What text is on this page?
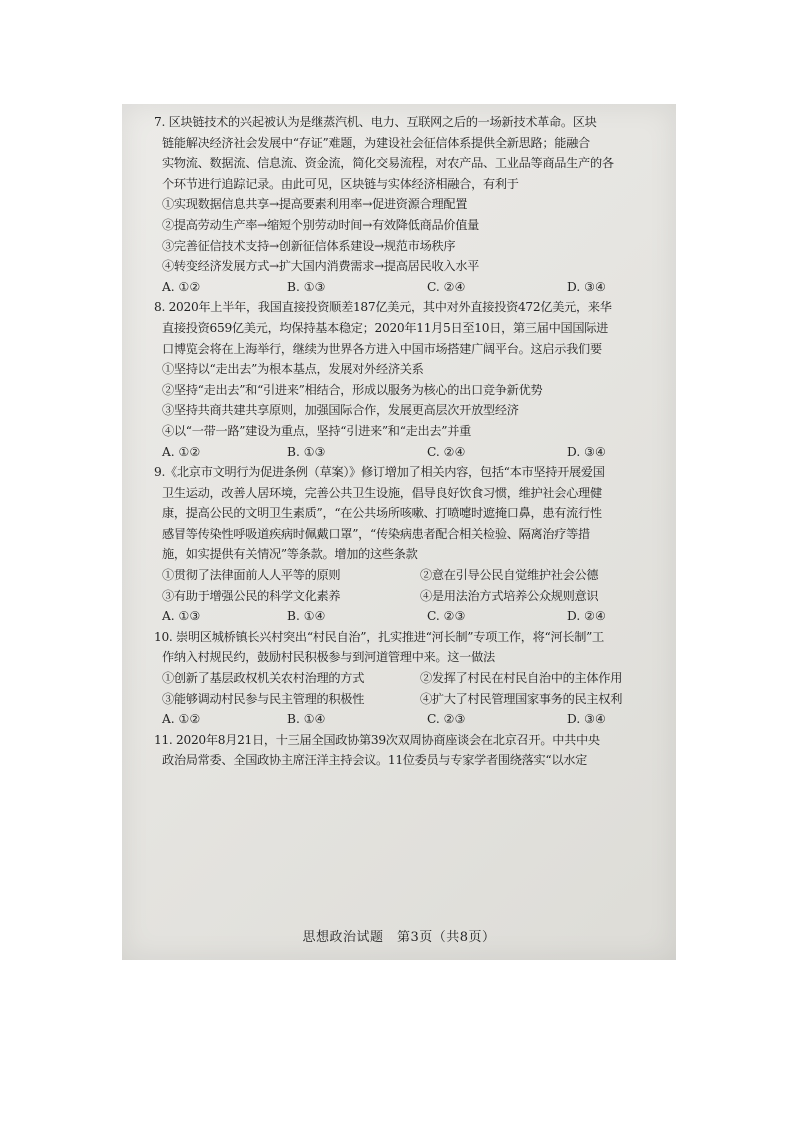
7. 区块链技术的兴起被认为是继蒸汽机、电力、互联网之后的一场新技术革命。区块
链能解决经济社会发展中“存证”难题，为建设社会征信体系提供全新思路；能融合
实物流、数据流、信息流、资金流，简化交易流程，对农产品、工业品等商品生产的各
个环节进行追踪记录。由此可见，区块链与实体经济相融合，有利于
①实现数据信息共享→提高要素利用率→促进资源合理配置
②提高劳动生产率→缩短个别劳动时间→有效降低商品价值量
③完善征信技术支持→创新征信体系建设→规范市场秩序
④转变经济发展方式→扩大国内消费需求→提高居民收入水平
A. ①②	B. ①③	C. ②④	D. ③④
8. 2020年上半年，我国直接投资顺差187亿美元，其中对外直接投资472亿美元，来华
直接投资659亿美元，均保持基本稳定；2020年11月5日至10日，第三届中国国际进
口博览会将在上海举行，继续为世界各方进入中国市场搭建广阔平台。这启示我们要
①坚持以“走出去”为根本基点，发展对外经济关系
②坚持“走出去”和“引进来”相结合，形成以服务为核心的出口竞争新优势
③坚持共商共建共享原则，加强国际合作，发展更高层次开放型经济
④以“一带一路”建设为重点，坚持“引进来”和“走出去”并重
A. ①②	B. ①③	C. ②④	D. ③④
9.《北京市文明行为促进条例（草案）》修订增加了相关内容，包括“本市坚持开展爱国
卫生运动，改善人居环境，完善公共卫生设施，倡导良好饮食习惯，维护社会心理健
康，提高公民的文明卫生素质”，“在公共场所咳嗽、打喷嚏时遮掩口鼻，患有流行性
感冒等传染性呼吸道疾病时佩戴口罩”，“传染病患者配合相关检验、隔离治疗等措
施，如实提供有关情况”等条款。增加的这些条款
①贯彻了法律面前人人平等的原则	②意在引导公民自觉维护社会公德
③有助于增强公民的科学文化素养	④是用法治方式培养公众规则意识
A. ①③	B. ①④	C. ②③	D. ②④
10. 崇明区城桥镇长兴村突出“村民自治”，扎实推进“河长制”专项工作，将“河长制”工
作纳入村规民约，鼓励村民积极参与到河道管理中来。这一做法
①创新了基层政权机关农村治理的方式	②发挥了村民在村民自治中的主体作用
③能够调动村民参与民主管理的积极性	④扩大了村民管理国家事务的民主权利
A. ①②	B. ①④	C. ②③	D. ③④
11. 2020年8月21日，十三届全国政协第39次双周协商座谈会在北京召开。中共中央
政治局常委、全国政协主席汪洋主持会议。11位委员与专家学者围绕落实“以水定
思想政治试题　第3页（共8页）
